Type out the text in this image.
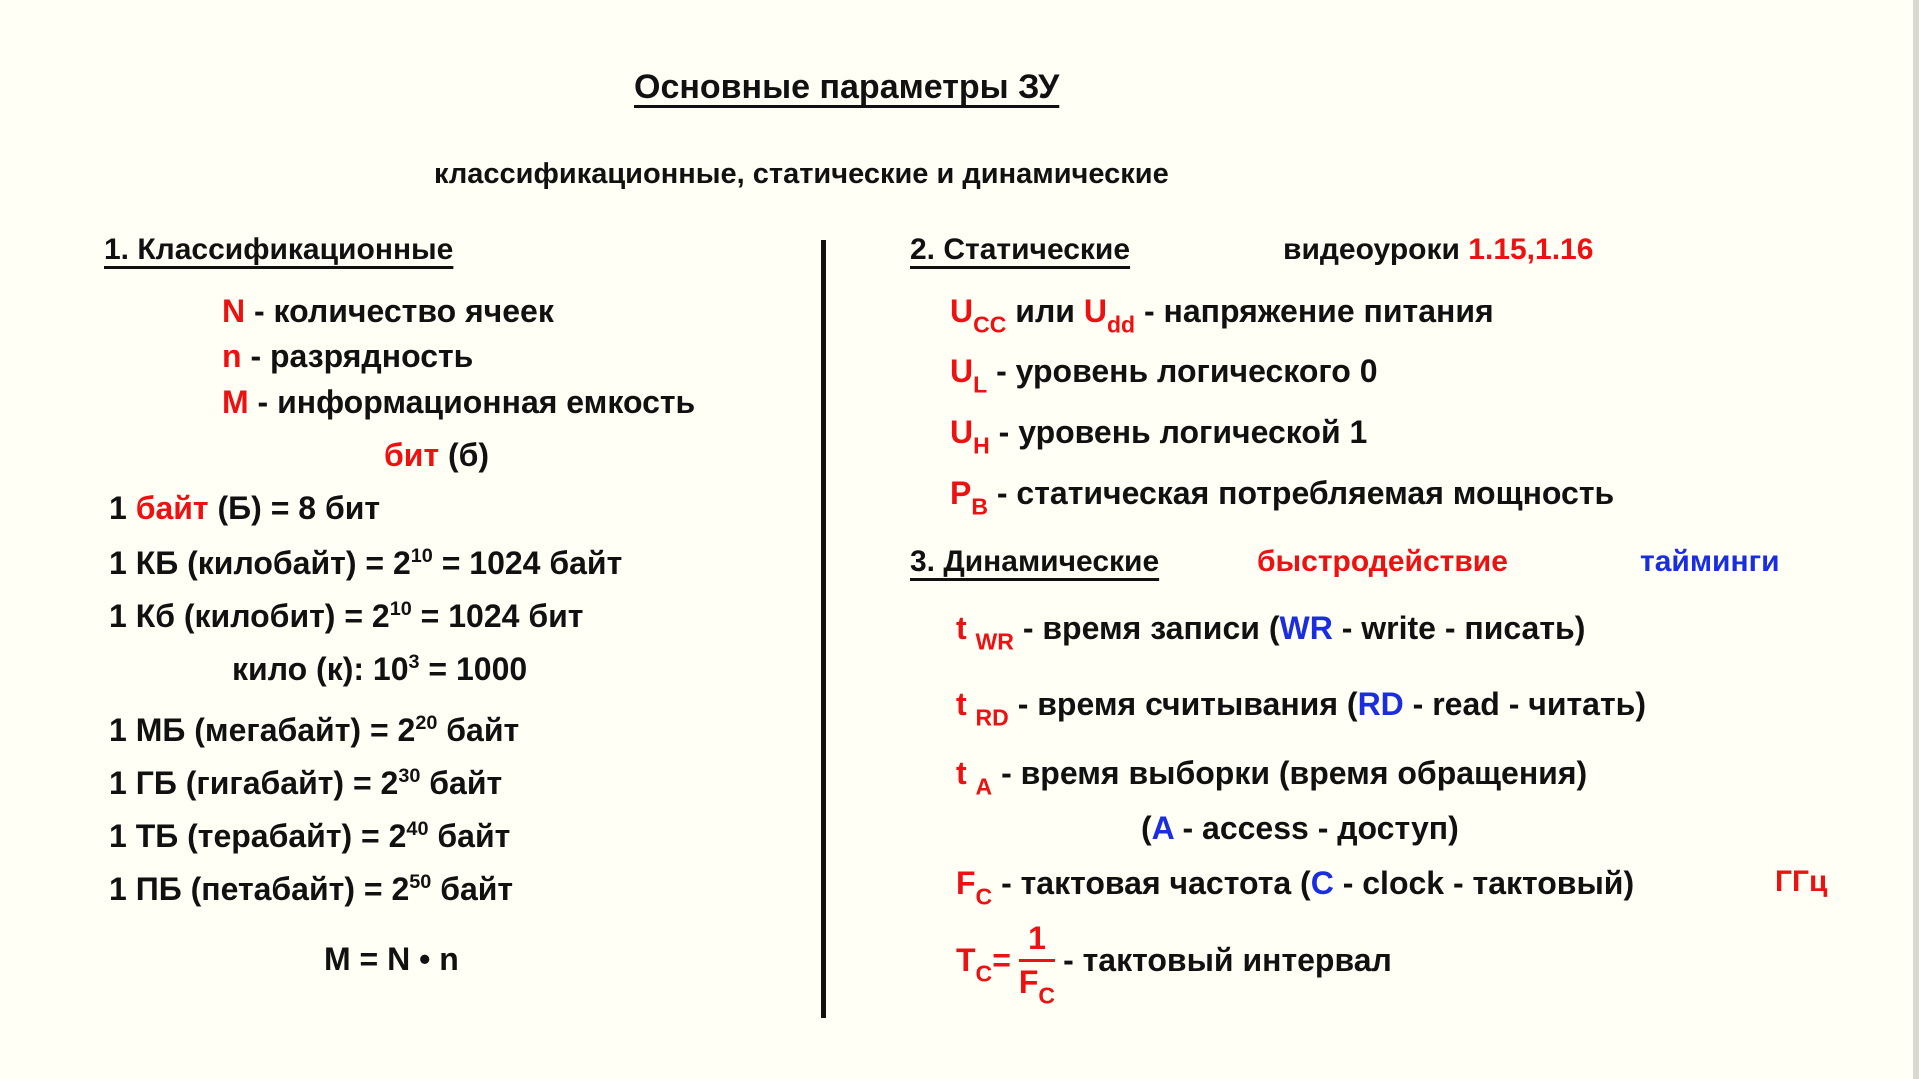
Основные параметры ЗУ
классификационные, статические и динамические
1. Классификационные
N - количество ячеек
n - разрядность
M - информационная емкость
бит (б)
1 байт (Б) = 8 бит
1 КБ (килобайт) = $2^{10} = 1024$ байт
1 Кб (килобит) = $2^{10} = 1024$ бит
кило (к): $10^3 = 1000$
1 МБ (мегабайт) = $2^{20}$ байт
1 ГБ (гигабайт) = $2^{30}$ байт
1 ТБ (терабайт) = $2^{40}$ байт
1 ПБ (петабайт) = $2^{50}$ байт
M = N • n
2. Статические	видеоуроки 1.15,1.16
$U_{CC}$ или $U_{dd}$ - напряжение питания
$U_L$ - уровень логического 0
$U_H$ - уровень логической 1
$P_B$ - статическая потребляемая мощность
3. Динамические	быстродействие	тайминги
t $_{WR}$ - время записи (WR - write - писать)
t $_{RD}$ - время считывания (RD - read - читать)
t $_A$ - время выборки (время обращения)
(A - access - доступ)
$F_C$ - тактовая частота (C - clock - тактовый)	ГГц
$T_C= \frac{1}{F_C}$ - тактовый интервал
